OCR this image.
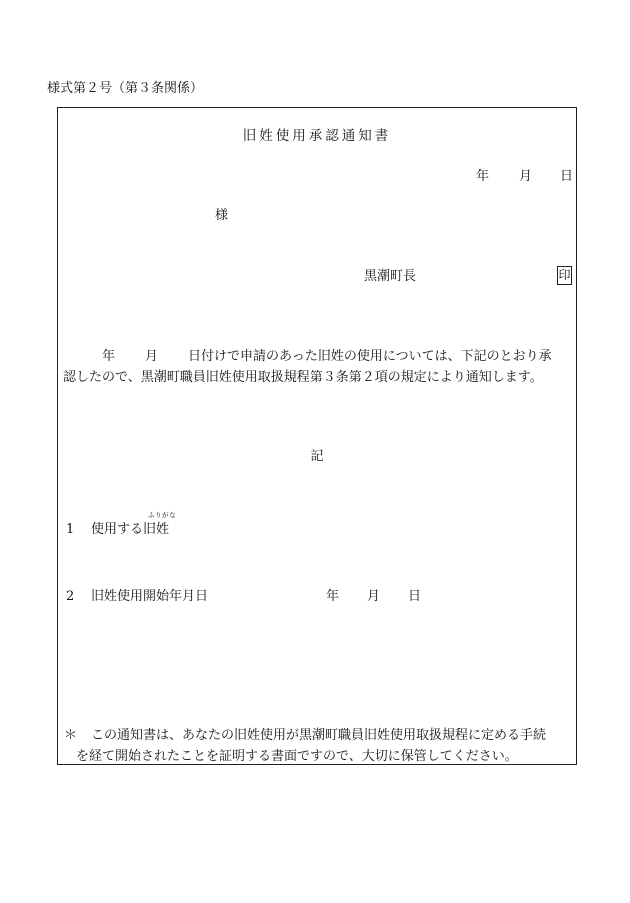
様式第２号（第３条関係）
旧姓使用承認通知書
年 月 日
様
黒潮町長	印
年 月 日付けで申請のあった旧姓の使用については、下記のとおり承
認したので、黒潮町職員旧姓使用取扱規程第３条第２項の規定により通知します。
記
1 使用する旧姓
ふりがな
2 旧姓使用開始年月日	年 月 日
＊ この通知書は、あなたの旧姓使用が黒潮町職員旧姓使用取扱規程に定める手続
を経て開始されたことを証明する書面ですので、大切に保管してください。
